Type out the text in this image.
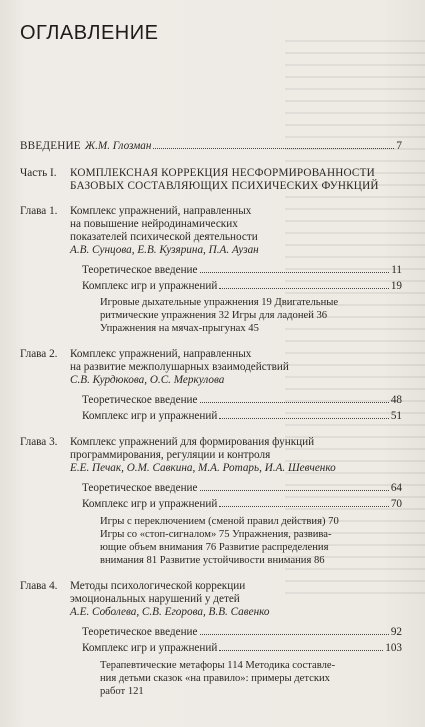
ОГЛАВЛЕНИЕ
ВВЕДЕНИЕ Ж.М. Глозман	7
Часть I. КОМПЛЕКСНАЯ КОРРЕКЦИЯ НЕСФОРМИРОВАННОСТИ
БАЗОВЫХ СОСТАВЛЯЮЩИХ ПСИХИЧЕСКИХ ФУНКЦИЙ
Глава 1. Комплекс упражнений, направленных
на повышение нейродинамических
показателей психической деятельности
А.В. Сунцова, Е.В. Кузярина, П.А. Аузан
Теоретическое введение	11
Комплекс игр и упражнений	19
Игровые дыхательные упражнения 19 Двигательные
ритмические упражнения 32 Игры для ладоней 36
Упражнения на мячах-прыгунах 45
Глава 2. Комплекс упражнений, направленных
на развитие межполушарных взаимодействий
С.В. Курдюкова, О.С. Меркулова
Теоретическое введение	48
Комплекс игр и упражнений	51
Глава 3. Комплекс упражнений для формирования функций
программирования, регуляции и контроля
Е.Е. Печак, О.М. Савкина, М.А. Ротарь, И.А. Шевченко
Теоретическое введение	64
Комплекс игр и упражнений	70
Игры с переключением (сменой правил действия) 70
Игры со «стоп-сигналом» 75 Упражнения, развива-
ющие объем внимания 76 Развитие распределения
внимания 81 Развитие устойчивости внимания 86
Глава 4. Методы психологической коррекции
эмоциональных нарушений у детей
А.Е. Соболева, С.В. Егорова, В.В. Савенко
Теоретическое введение	92
Комплекс игр и упражнений	103
Терапевтические метафоры 114 Методика составле-
ния детьми сказок «на правило»: примеры детских
работ 121
